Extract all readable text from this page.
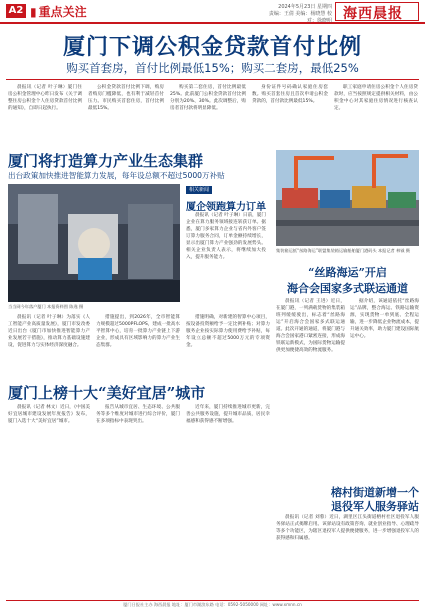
A2 ▮ 重点关注	2024年5月23日 星期四
责编：王倩 美编：杨晓慧 校对：徐晓明 海西晨报
厦门下调公积金贷款首付比例
购买首套房，首付比例最低15%；购买二套房，最低25%

晨报讯（记者 叶子琳）厦门住房公积金管理中心昨日发布《关于调整住房公积金个人住房贷款首付比例的通知》，自即日起执行。

公积金贷款首付比例下调，购房者购房门槛降低，也有利于减轻首付压力。市民购买首套住房，首付比例最低15%。

购买第二套住房，首付比例最低25%。此前厦门公积金贷款首付比例分别为20%、30%。此次调整后，购房者首付款将明显降低。

身份证件号码确认家庭住房套数。购买首套住房且首次申请公积金贷款的，首付款比例最低15%。

职工家庭申请住房公积金个人住房贷款时，应当按照规定提供相关材料，由公积金中心对其家庭住房情况进行核查认定。

厦门将打造算力产业生态集群
出台政策加快推进智能算力发展，每年设总额不超过5000万补贴
当当网今年落户厦门 本报资料图 陈逸 摄
相关新闻
厦企领跑算力订单

晨报讯（记者 叶子琳）日前，厦门企业在算力服务领域接连斩获订单。据悉，厦门多家算力企业与省内外客户签订算力服务合同，订单金额持续增长，显示出厦门算力产业强劲的发展势头。相关企业负责人表示，将继续加大投入，提升服务能力。

晨报讯（记者 叶子琳）为落实《人工智能产业高质量发展》，厦门市发改委近日出台《厦门市加快推进智能算力产业发展若干措施》，推动算力基础设施建设，促进算力与实体经济深度融合。

措施提出，到2026年，全市智能算力规模超过5000PFLOPS，建成一批高水平智算中心，培育一批算力产业链上下游企业，形成具有区域影响力的算力产业生态集群。

措施明确，对新建的智算中心项目，按设备投资额给予一定比例补贴；对算力服务企业按实际算力使用费给予补贴，每年设立总额不超过5000万元的专项资金。

厦门上榜十大“美好宜居”城市

晨报讯（记者 林文）近日，《中国美好宜居城市建设发展年度报告》发布，厦门入选十大“美好宜居”城市。

报告从城市宜居、生态环境、公共服务等多个维度对城市进行综合评价，厦门在多项指标中表现突出。

近年来，厦门持续推进城市更新，完善公共服务设施，提升城市品质，居民幸福感和获得感不断增强。

集装箱运抵“丝路海运”联盟集装箱运输船舶厦门港码头 本报记者 林钺 摄
“丝路海运”开启
海合会国家多式联运通道

晨报讯（记者 王进）近日，在厦门港，一列满载货物的集装箱班列缓缓驶出，标志着“丝路海运”开启海合会国家多式联运通道。此次开通的通道，将厦门港与海合会国家港口紧密连接，形成海铁联运新模式，为国际货物运输提供更加便捷高效的物流服务。

据介绍，该通道依托“丝路海运”品牌，整合海运、铁路运输资源，实现货物一单到底、全程运输，进一步降低企业物流成本，提升通关效率，助力厦门建设国际航运中心。

榕村街道新增一个
退役军人服务驿站

晨报讯（记者 刘蓉）近日，湖里区江头街道榕村社区退役军人服务驿站正式揭牌启用。该驿站设有政策咨询、就业创业指导、心理疏导等多个功能区，为辖区退役军人提供便捷服务，进一步增强退役军人的获得感和归属感。

厦门日报社主办 海西晨报 地址：厦门市湖滨东路 电话：0592-5050000 网址：www.xmnn.cn
